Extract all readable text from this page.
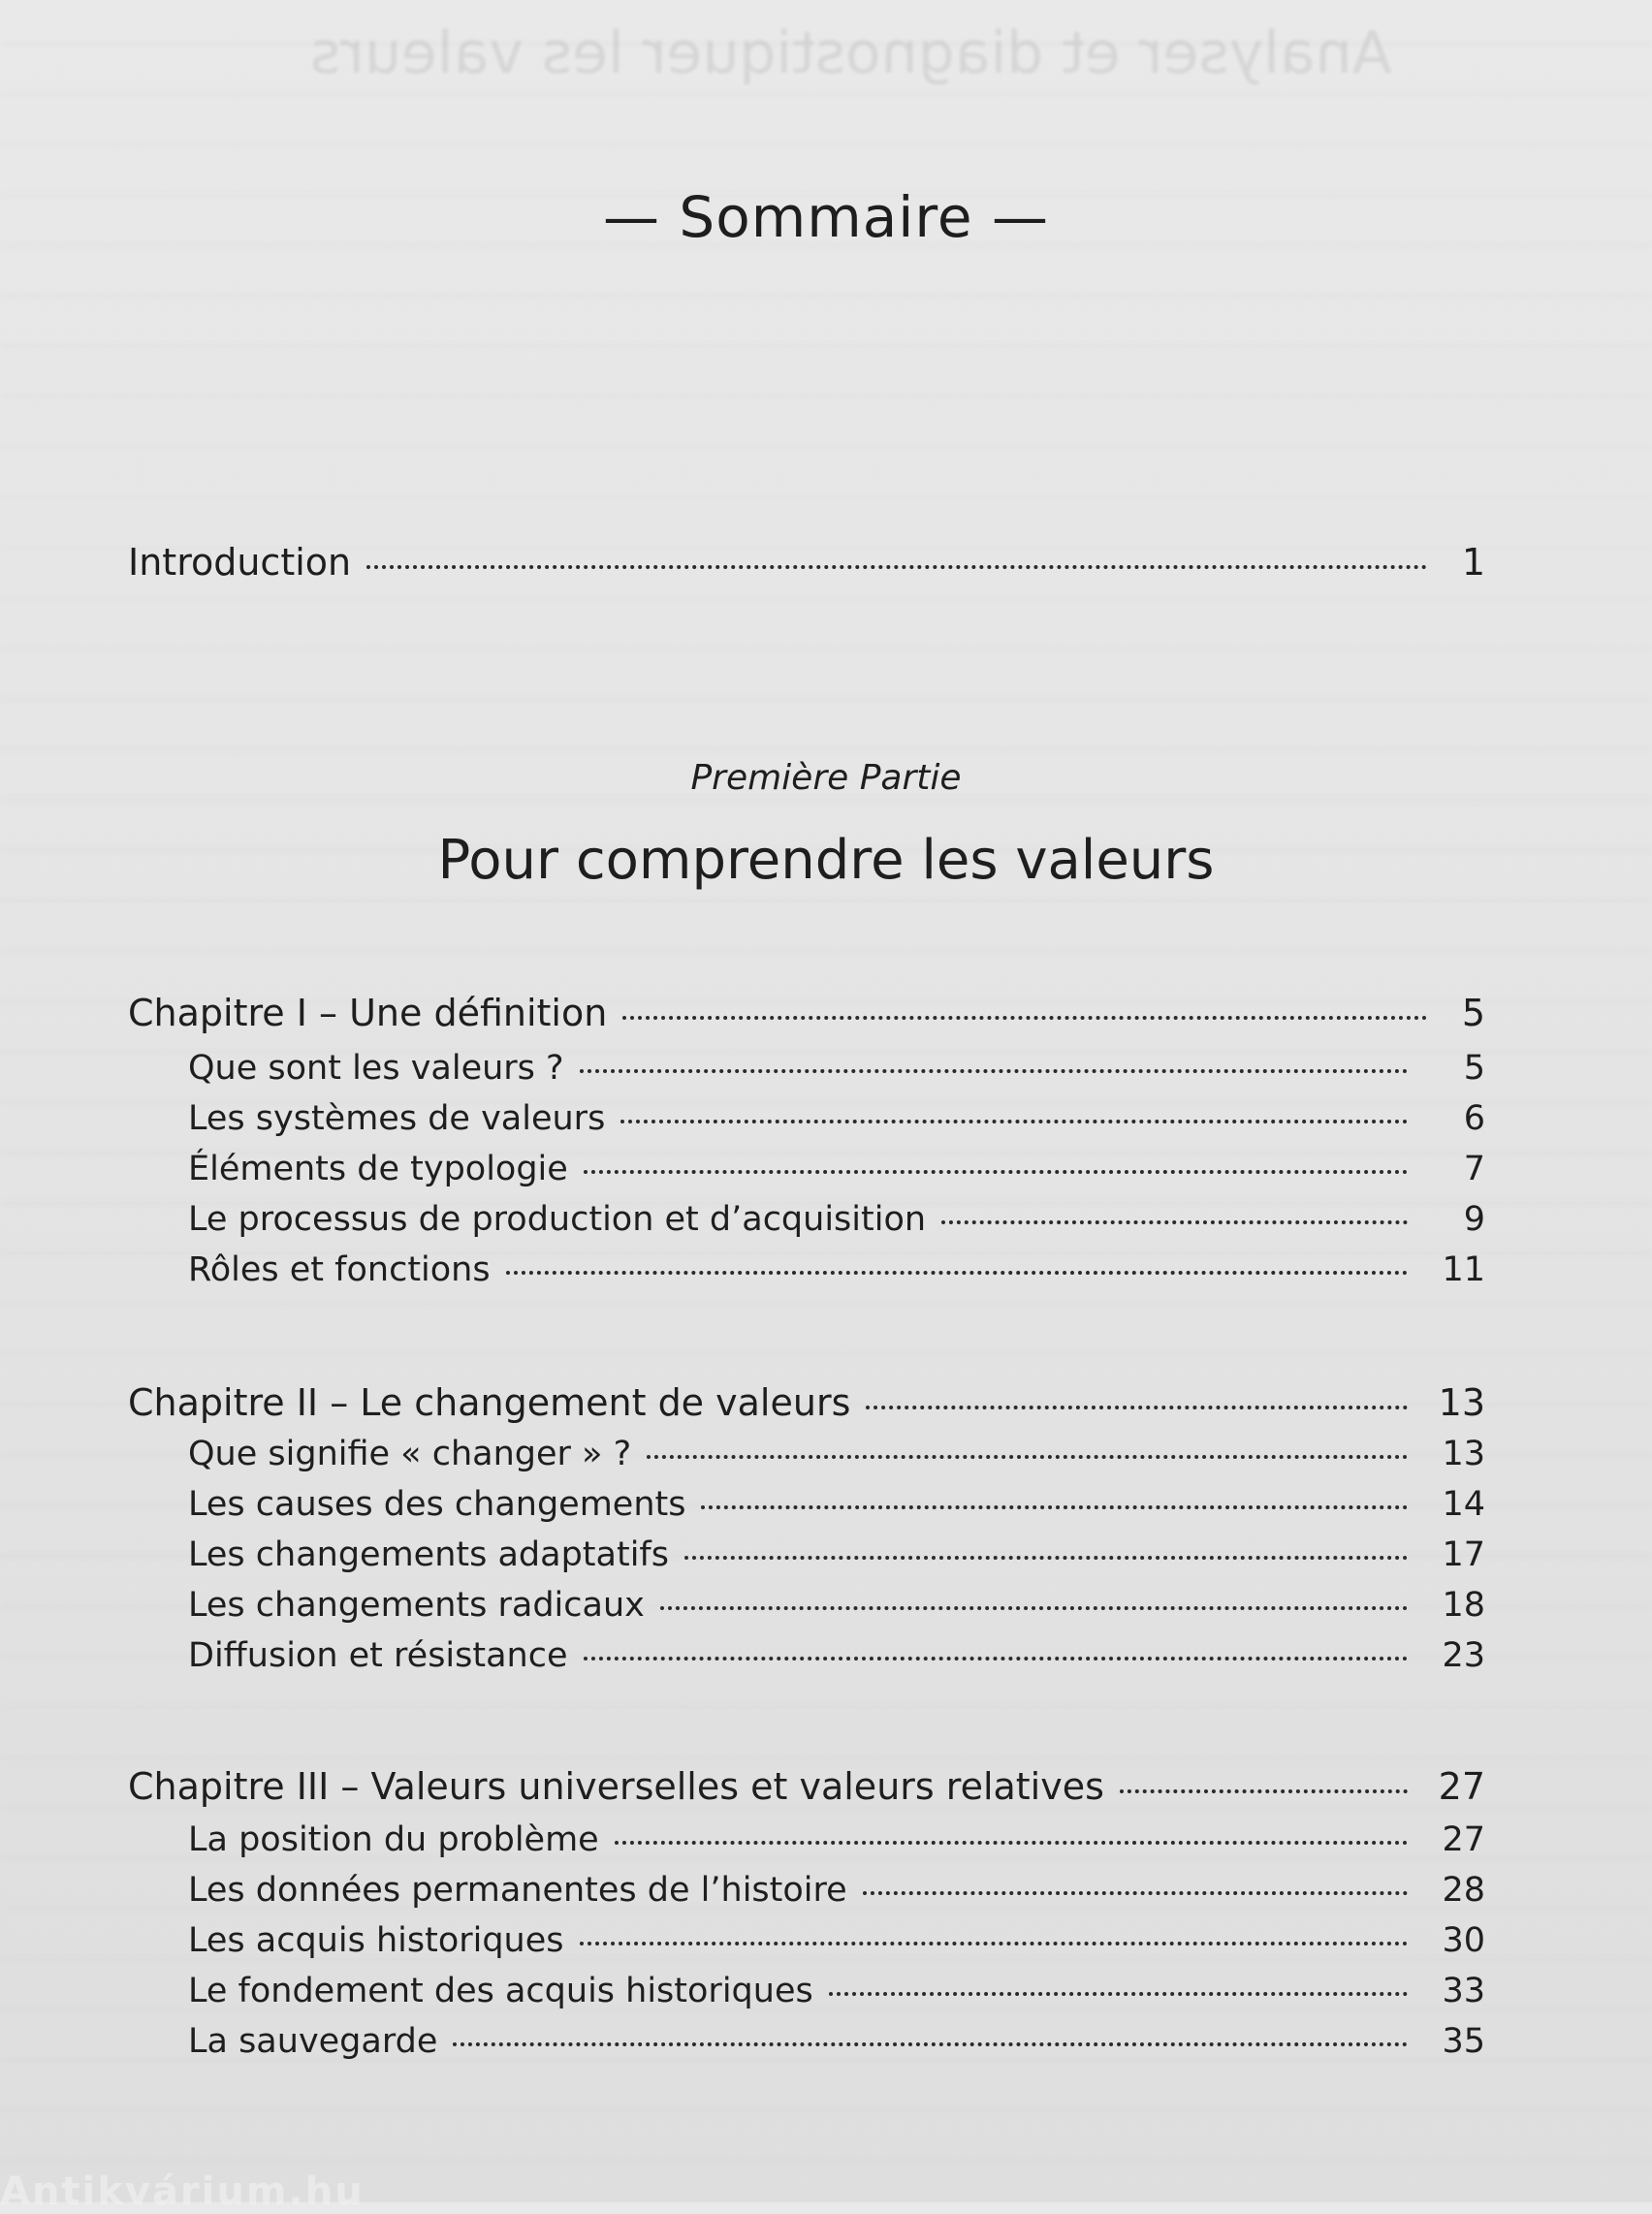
Analyser et diagnostiquer les valeurs
— Sommaire —
Introduction	1
Première Partie
Pour comprendre les valeurs
Chapitre I – Une définition	5
Que sont les valeurs ?	5
Les systèmes de valeurs	6
Éléments de typologie	7
Le processus de production et d’acquisition	9
Rôles et fonctions	11
Chapitre II – Le changement de valeurs	13
Que signifie « changer » ?	13
Les causes des changements	14
Les changements adaptatifs	17
Les changements radicaux	18
Diffusion et résistance	23
Chapitre III – Valeurs universelles et valeurs relatives	27
La position du problème	27
Les données permanentes de l’histoire	28
Les acquis historiques	30
Le fondement des acquis historiques	33
La sauvegarde	35
Antikvárium.hu
